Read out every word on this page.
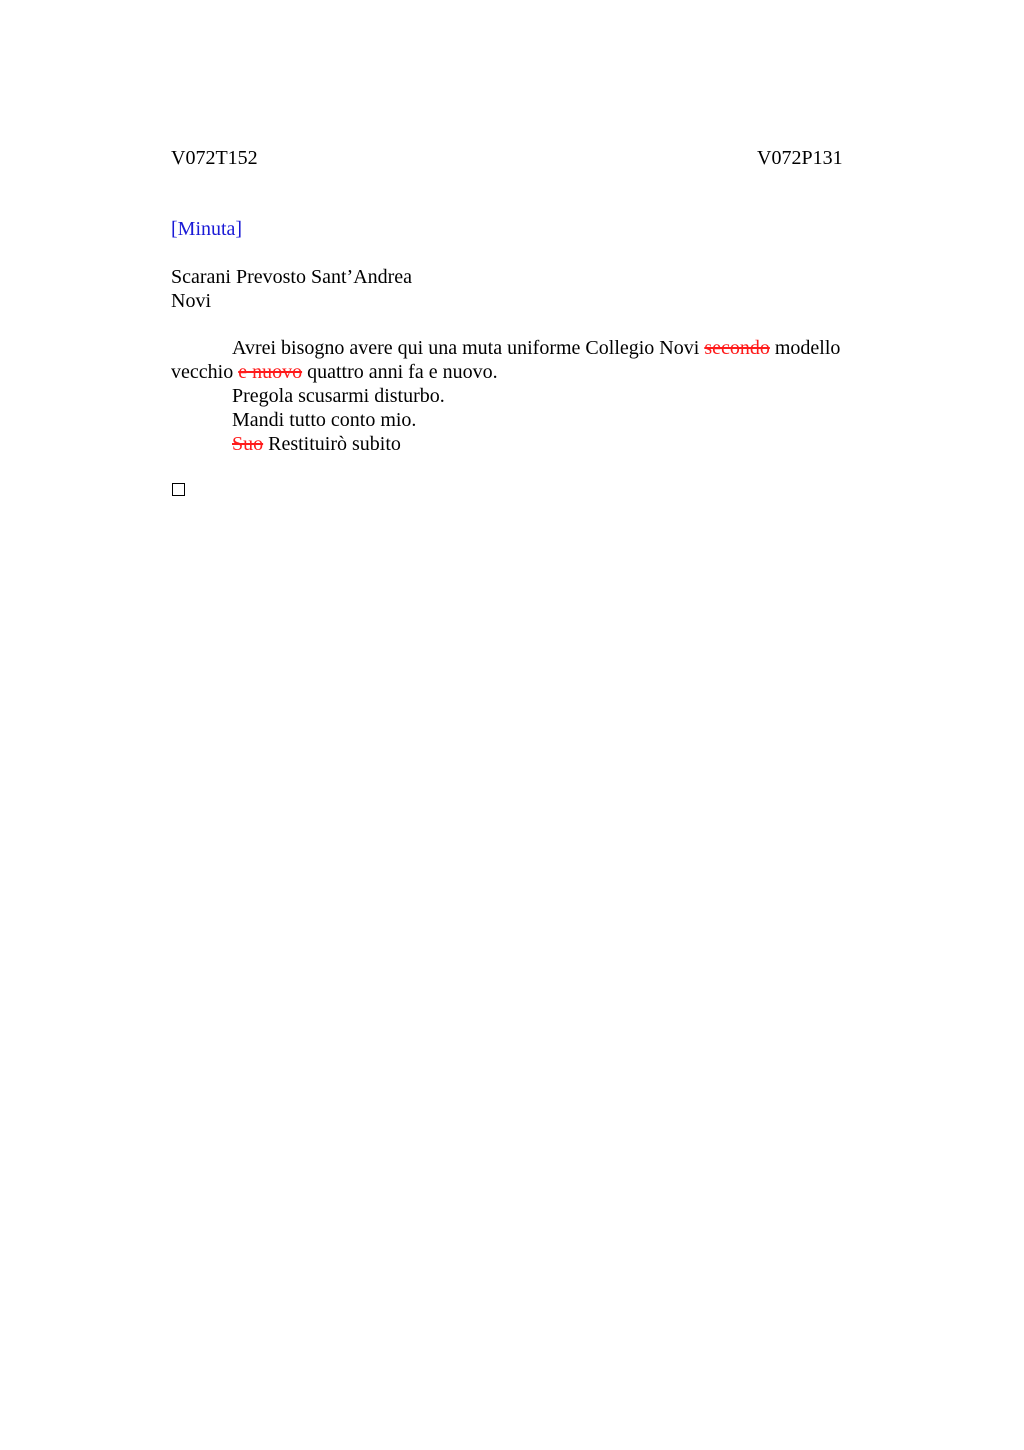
V072T152	V072P131
[Minuta]
Scarani Prevosto Sant’Andrea
Novi
Avrei bisogno avere qui una muta uniforme Collegio Novi secondo modello
vecchio e nuovo quattro anni fa e nuovo.
Pregola scusarmi disturbo.
Mandi tutto conto mio.
Suo Restituirò subito
